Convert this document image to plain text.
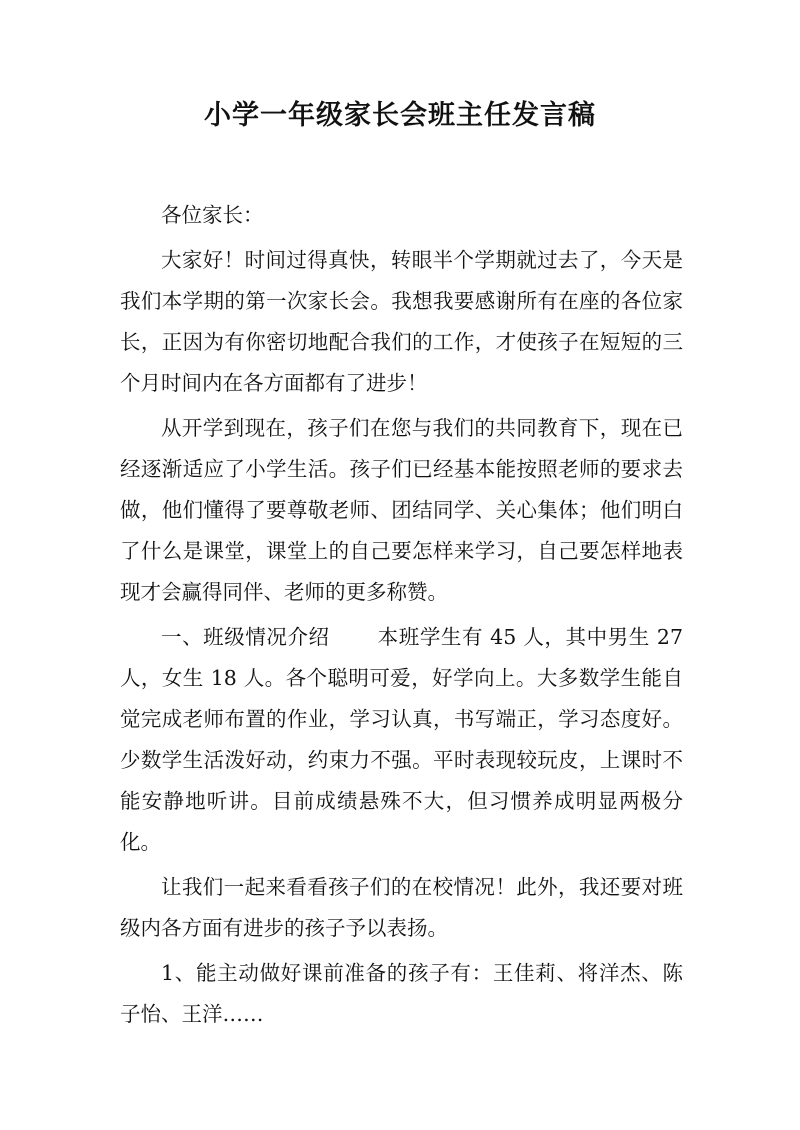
小学一年级家长会班主任发言稿

各位家长：

大家好！时间过得真快，转眼半个学期就过去了，今天是我们本学期的第一次家长会。我想我要感谢所有在座的各位家长，正因为有你密切地配合我们的工作，才使孩子在短短的三个月时间内在各方面都有了进步！

从开学到现在，孩子们在您与我们的共同教育下，现在已经逐渐适应了小学生活。孩子们已经基本能按照老师的要求去做，他们懂得了要尊敬老师、团结同学、关心集体；他们明白了什么是课堂，课堂上的自己要怎样来学习，自己要怎样地表现才会赢得同伴、老师的更多称赞。

一、班级情况介绍 本班学生有 45 人，其中男生 27 人，女生 18 人。各个聪明可爱，好学向上。大多数学生能自觉完成老师布置的作业，学习认真，书写端正，学习态度好。少数学生活泼好动，约束力不强。平时表现较玩皮，上课时不能安静地听讲。目前成绩悬殊不大，但习惯养成明显两极分化。

让我们一起来看看孩子们的在校情况！此外，我还要对班级内各方面有进步的孩子予以表扬。

1、能主动做好课前准备的孩子有：王佳莉、将洋杰、陈子怡、王洋……
